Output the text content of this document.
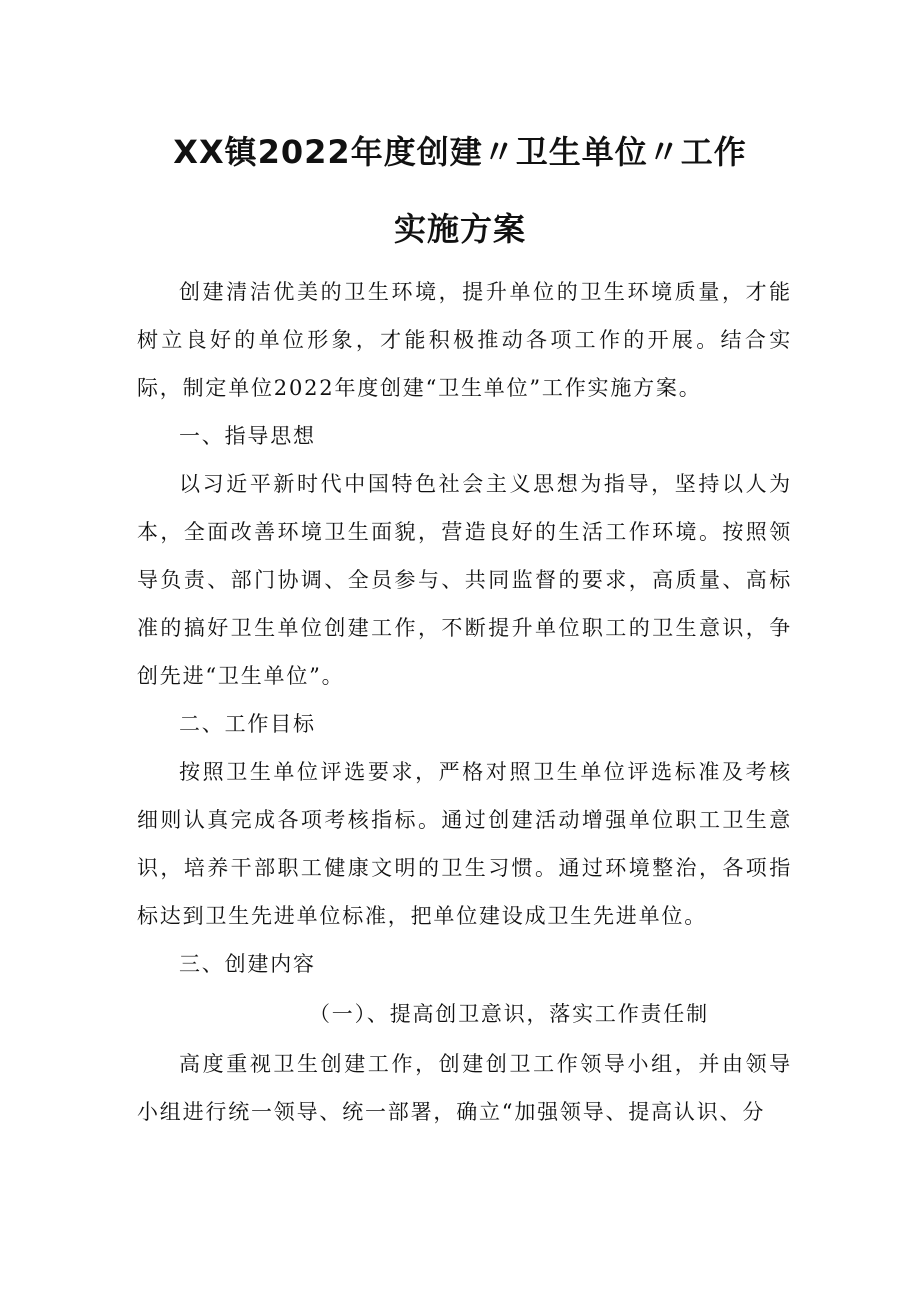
XX镇2022年度创建〃卫生单位〃工作
实施方案

创建清洁优美的卫生环境，提升单位的卫生环境质量，才能树立良好的单位形象，才能积极推动各项工作的开展。结合实际，制定单位2022年度创建“卫生单位”工作实施方案。

一、指导思想

以习近平新时代中国特色社会主义思想为指导，坚持以人为本，全面改善环境卫生面貌，营造良好的生活工作环境。按照领导负责、部门协调、全员参与、共同监督的要求，高质量、高标准的搞好卫生单位创建工作，不断提升单位职工的卫生意识，争创先进“卫生单位”。

二、工作目标

按照卫生单位评选要求，严格对照卫生单位评选标准及考核细则认真完成各项考核指标。通过创建活动增强单位职工卫生意识，培养干部职工健康文明的卫生习惯。通过环境整治，各项指标达到卫生先进单位标准，把单位建设成卫生先进单位。

三、创建内容

（一）、提高创卫意识，落实工作责任制

高度重视卫生创建工作，创建创卫工作领导小组，并由领导小组进行统一领导、统一部署，确立“加强领导、提高认识、分
